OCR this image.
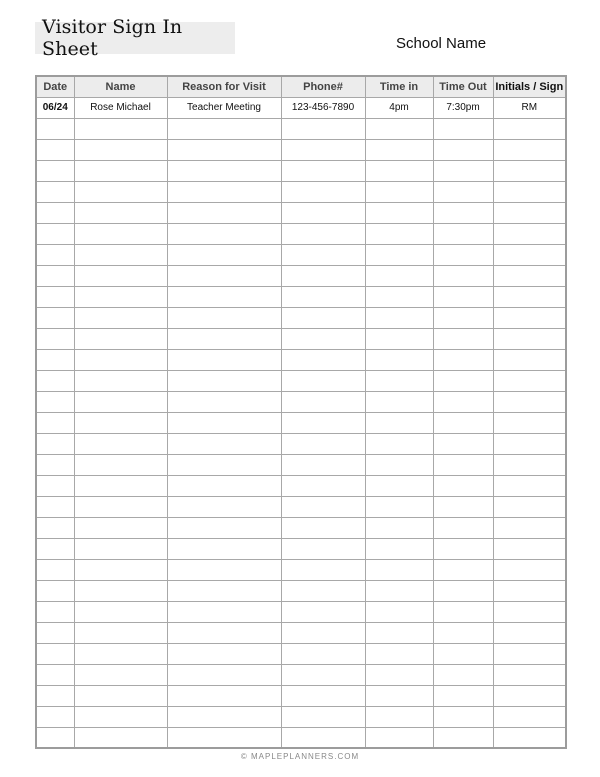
Visitor Sign In Sheet	School Name
Date	Name	Reason for Visit	Phone#	Time in	Time Out	Initials / Sign
06/24	Rose Michael	Teacher Meeting	123-456-7890	4pm	7:30pm	RM

© MAPLEPLANNERS.COM
